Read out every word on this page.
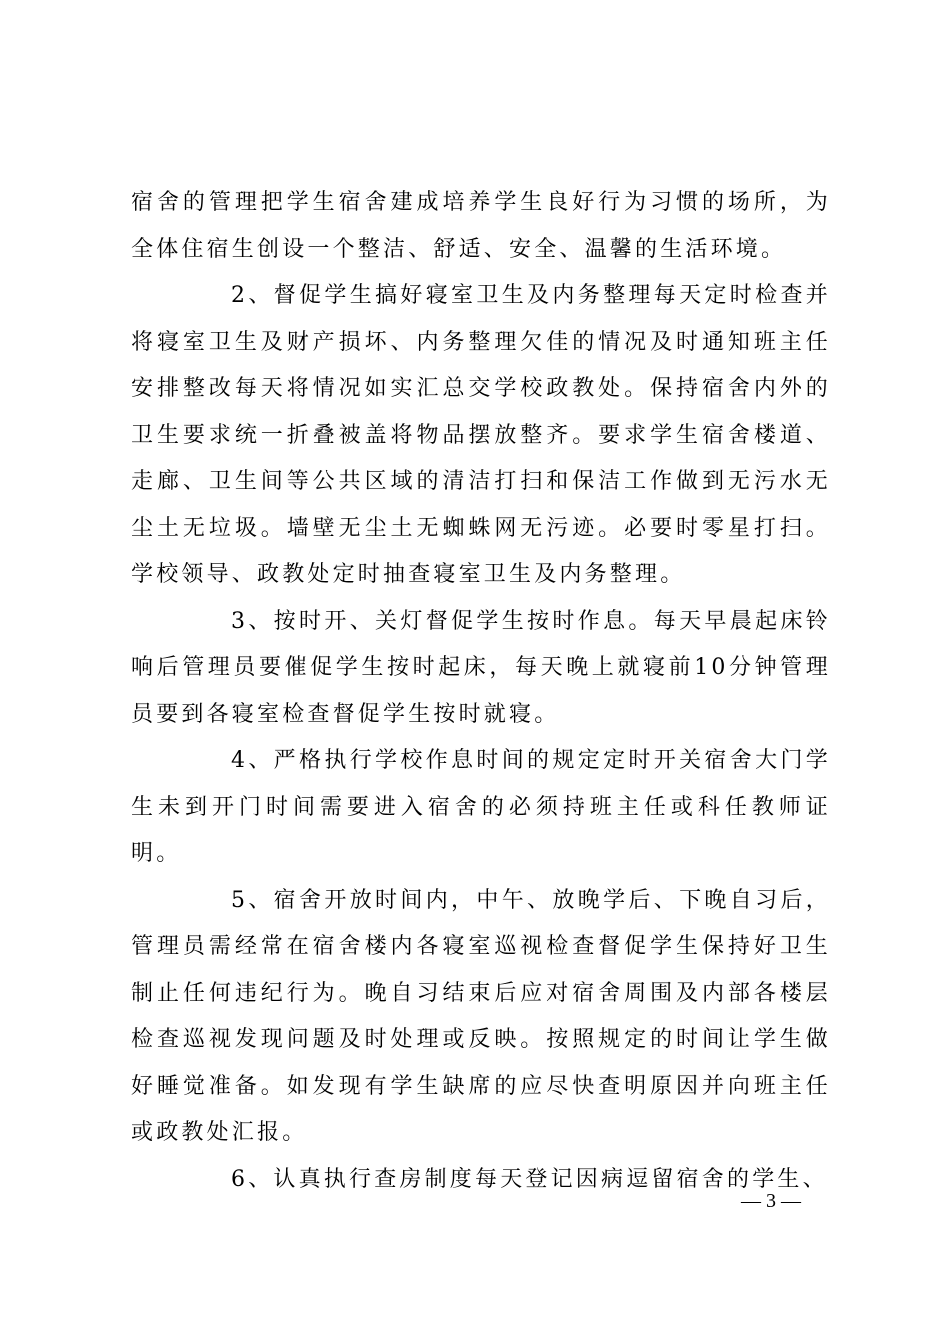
宿舍的管理把学生宿舍建成培养学生良好行为习惯的场所，为全体住宿生创设一个整洁、舒适、安全、温馨的生活环境。

2、督促学生搞好寝室卫生及内务整理每天定时检查并将寝室卫生及财产损坏、内务整理欠佳的情况及时通知班主任安排整改每天将情况如实汇总交学校政教处。保持宿舍内外的卫生要求统一折叠被盖将物品摆放整齐。要求学生宿舍楼道、走廊、卫生间等公共区域的清洁打扫和保洁工作做到无污水无尘土无垃圾。墙壁无尘土无蜘蛛网无污迹。必要时零星打扫。学校领导、政教处定时抽查寝室卫生及内务整理。

3、按时开、关灯督促学生按时作息。每天早晨起床铃响后管理员要催促学生按时起床，每天晚上就寝前10分钟管理员要到各寝室检查督促学生按时就寝。

4、严格执行学校作息时间的规定定时开关宿舍大门学生未到开门时间需要进入宿舍的必须持班主任或科任教师证明。

5、宿舍开放时间内，中午、放晚学后、下晚自习后，管理员需经常在宿舍楼内各寝室巡视检查督促学生保持好卫生制止任何违纪行为。晚自习结束后应对宿舍周围及内部各楼层检查巡视发现问题及时处理或反映。按照规定的时间让学生做好睡觉准备。如发现有学生缺席的应尽快查明原因并向班主任或政教处汇报。

6、认真执行查房制度每天登记因病逗留宿舍的学生、

— 3 —
